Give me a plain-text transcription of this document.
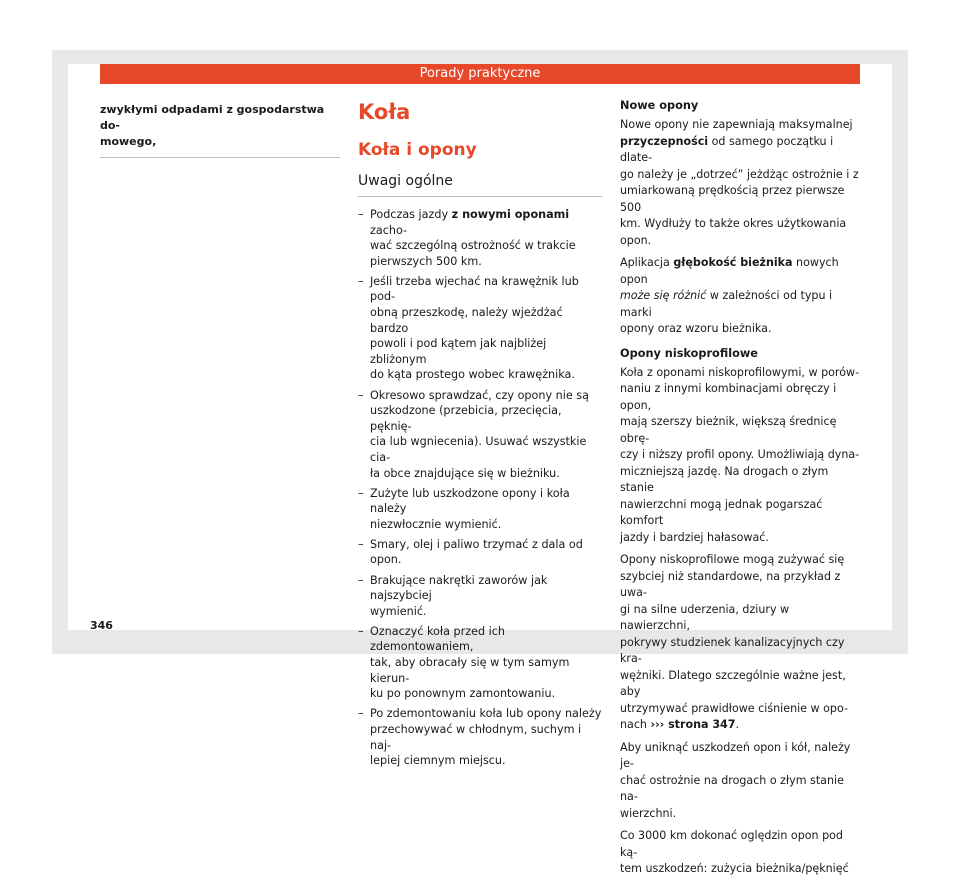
Porady praktyczne

zwykłymi odpadami z gospodarstwa do-
mowego,

Koła
Koła i opony
Uwagi ogólne
– Podczas jazdy z nowymi oponami zacho-
wać szczególną ostrożność w trakcie
pierwszych 500 km.
– Jeśli trzeba wjechać na krawężnik lub pod-
obną przeszkodę, należy wjeżdżać bardzo
powoli i pod kątem jak najbliżej zbliżonym
do kąta prostego wobec krawężnika.
– Okresowo sprawdzać, czy opony nie są
uszkodzone (przebicia, przecięcia, pęknię-
cia lub wgniecenia). Usuwać wszystkie cia-
ła obce znajdujące się w bieżniku.
– Zużyte lub uszkodzone opony i koła należy
niezwłocznie wymienić.
– Smary, olej i paliwo trzymać z dala od
opon.
– Brakujące nakrętki zaworów jak najszybciej
wymienić.
– Oznaczyć koła przed ich zdemontowaniem,
tak, aby obracały się w tym samym kierun-
ku po ponownym zamontowaniu.
– Po zdemontowaniu koła lub opony należy
przechowywać w chłodnym, suchym i naj-
lepiej ciemnym miejscu.
Nowe opony

Nowe opony nie zapewniają maksymalnej
przyczepności od samego początku i dlate-
go należy je „dotrzeć” jeżdżąc ostrożnie i z
umiarkowaną prędkością przez pierwsze 500
km. Wydłuży to także okres użytkowania
opon.

Aplikacja głębokość bieżnika nowych opon
może się różnić w zależności od typu i marki
opony oraz wzoru bieżnika.

Opony niskoprofilowe

Koła z oponami niskoprofilowymi, w porów-
naniu z innymi kombinacjami obręczy i opon,
mają szerszy bieżnik, większą średnicę obrę-
czy i niższy profil opony. Umożliwiają dyna-
miczniejszą jazdę. Na drogach o złym stanie
nawierzchni mogą jednak pogarszać komfort
jazdy i bardziej hałasować.

Opony niskoprofilowe mogą zużywać się
szybciej niż standardowe, na przykład z uwa-
gi na silne uderzenia, dziury w nawierzchni,
pokrywy studzienek kanalizacyjnych czy kra-
wężniki. Dlatego szczególnie ważne jest, aby
utrzymywać prawidłowe ciśnienie w opo-
nach ››› strona 347.

Aby uniknąć uszkodzeń opon i kół, należy je-
chać ostrożnie na drogach o złym stanie na-
wierzchni.

Co 3000 km dokonać oględzin opon pod ką-
tem uszkodzeń: zużycia bieżnika/pęknięć

346
